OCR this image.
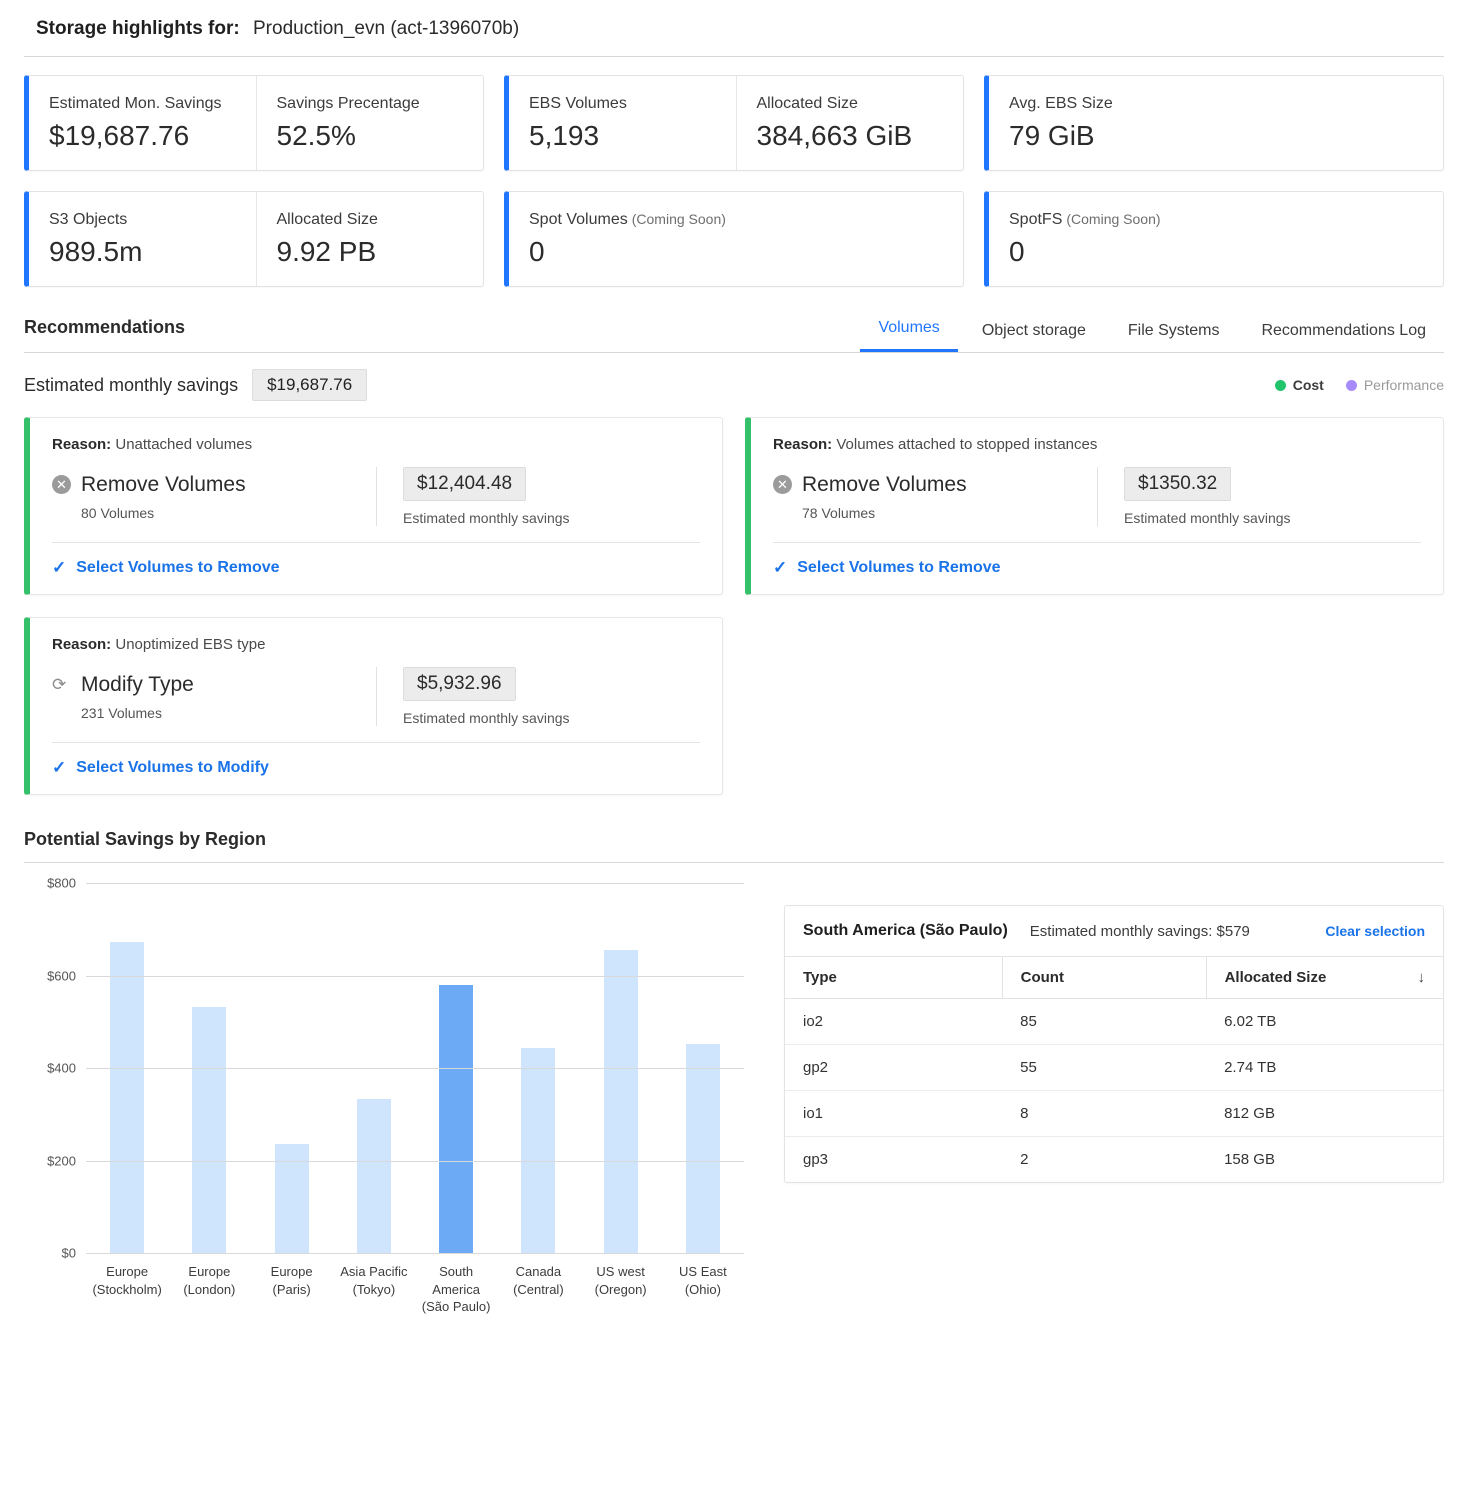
Storage highlights for: Production_evn (act-1396070b)
Estimated Mon. Savings
$19,687.76
Savings Precentage
52.5%
EBS Volumes
5,193
Allocated Size
384,663 GiB
Avg. EBS Size
79 GiB
S3 Objects
989.5m
Allocated Size
9.92 PB
Spot Volumes (Coming Soon)
0
SpotFS (Coming Soon)
0
Recommendations	Volumes	Object storage	File Systems	Recommendations Log
Estimated monthly savings	$19,687.76	Cost	Performance
Reason: Unattached volumes
✕ Remove Volumes
80 Volumes
$12,404.48
Estimated monthly savings
✓ Select Volumes to Remove
Reason: Volumes attached to stopped instances
✕ Remove Volumes
78 Volumes
$1350.32
Estimated monthly savings
✓ Select Volumes to Remove
Reason: Unoptimized EBS type
⟳ Modify Type
231 Volumes
$5,932.96
Estimated monthly savings
✓ Select Volumes to Modify
Potential Savings by Region
$0
$200
$400
$600
$800
Europe
(Stockholm)
Europe
(London)
Europe
(Paris)
Asia Pacific
(Tokyo)
South America
(São Paulo)
Canada
(Central)
US west
(Oregon)
US East
(Ohio)
South America (São Paulo) Estimated monthly savings: $579	Clear selection
Type	Count	Allocated Size ↓

io2	85	6.02 TB
gp2	55	2.74 TB
io1	8	812 GB
gp3	2	158 GB
